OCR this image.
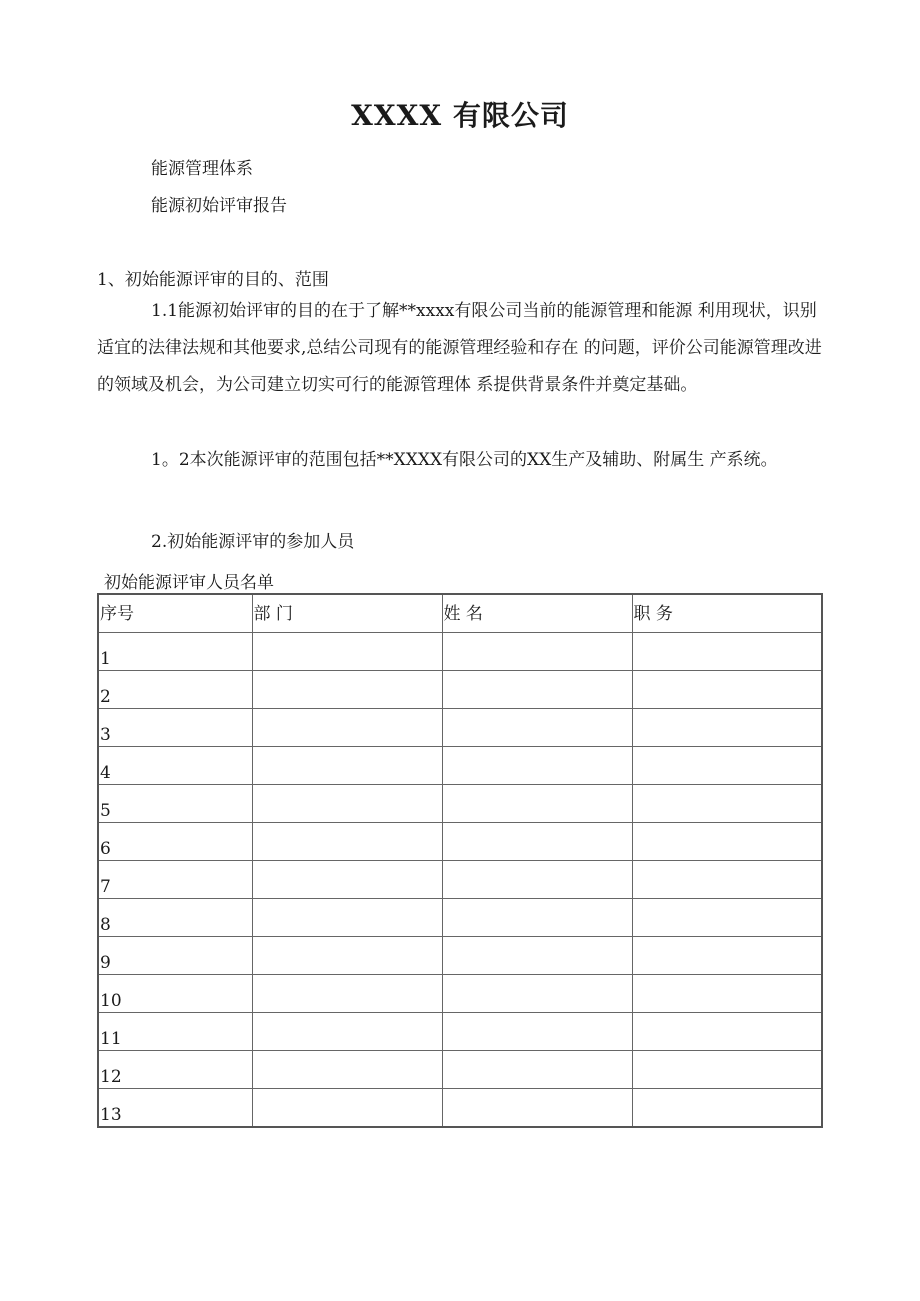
XXXX 有限公司
能源管理体系
能源初始评审报告
1、初始能源评审的目的、范围
1.1能源初始评审的目的在于了解**xxxx有限公司当前的能源管理和能源 利用现状，识别适宜的法律法规和其他要求,总结公司现有的能源管理经验和存在 的问题，评价公司能源管理改进的领域及机会，为公司建立切实可行的能源管理体 系提供背景条件并奠定基础。
1。2本次能源评审的范围包括**XXXX有限公司的XX生产及辅助、附属生 产系统。
2.初始能源评审的参加人员
初始能源评审人员名单
序号	部 门	姓 名	职 务
1			
2			
3			
4			
5			
6			
7			
8			
9			
10			
11			
12			
13			
